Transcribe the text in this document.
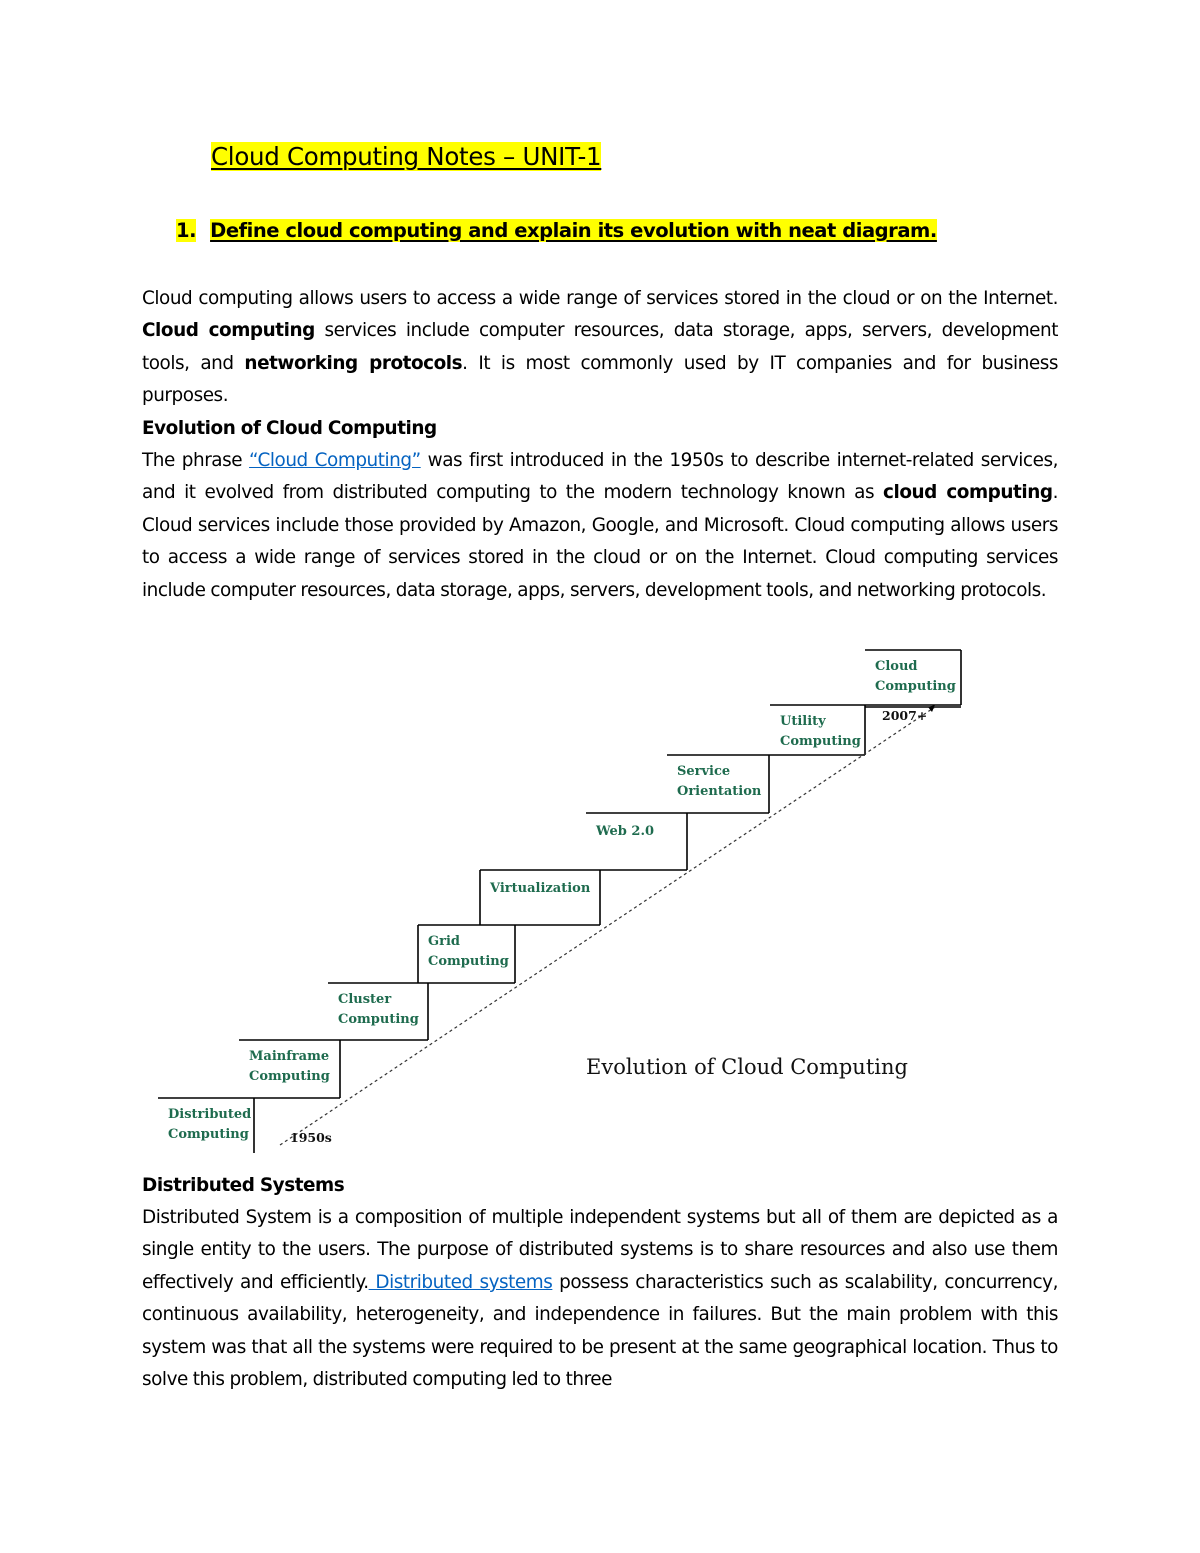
Cloud Computing Notes – UNIT-1
1. Define cloud computing and explain its evolution with neat diagram.

Cloud computing allows users to access a wide range of services stored in the cloud or on the Internet. Cloud computing services include computer resources, data storage, apps, servers, development tools, and networking protocols. It is most commonly used by IT companies and for business purposes.

Evolution of Cloud Computing

The phrase “Cloud Computing” was first introduced in the 1950s to describe internet-related services, and it evolved from distributed computing to the modern technology known as cloud computing. Cloud services include those provided by Amazon, Google, and Microsoft. Cloud computing allows users to access a wide range of services stored in the cloud or on the Internet. Cloud computing services include computer resources, data storage, apps, servers, development tools, and networking protocols.

Distributed
Computing
Mainframe
Computing
Cluster
Computing
Grid
Computing
Virtualization
Web 2.0
Service
Orientation
Utility
Computing
Cloud
Computing
1950s
2007+
Evolution of Cloud Computing

Distributed Systems

Distributed System is a composition of multiple independent systems but all of them are depicted as a single entity to the users. The purpose of distributed systems is to share resources and also use them effectively and efficiently. Distributed systems possess characteristics such as scalability, concurrency, continuous availability, heterogeneity, and independence in failures. But the main problem with this system was that all the systems were required to be present at the same geographical location. Thus to solve this problem, distributed computing led to three
